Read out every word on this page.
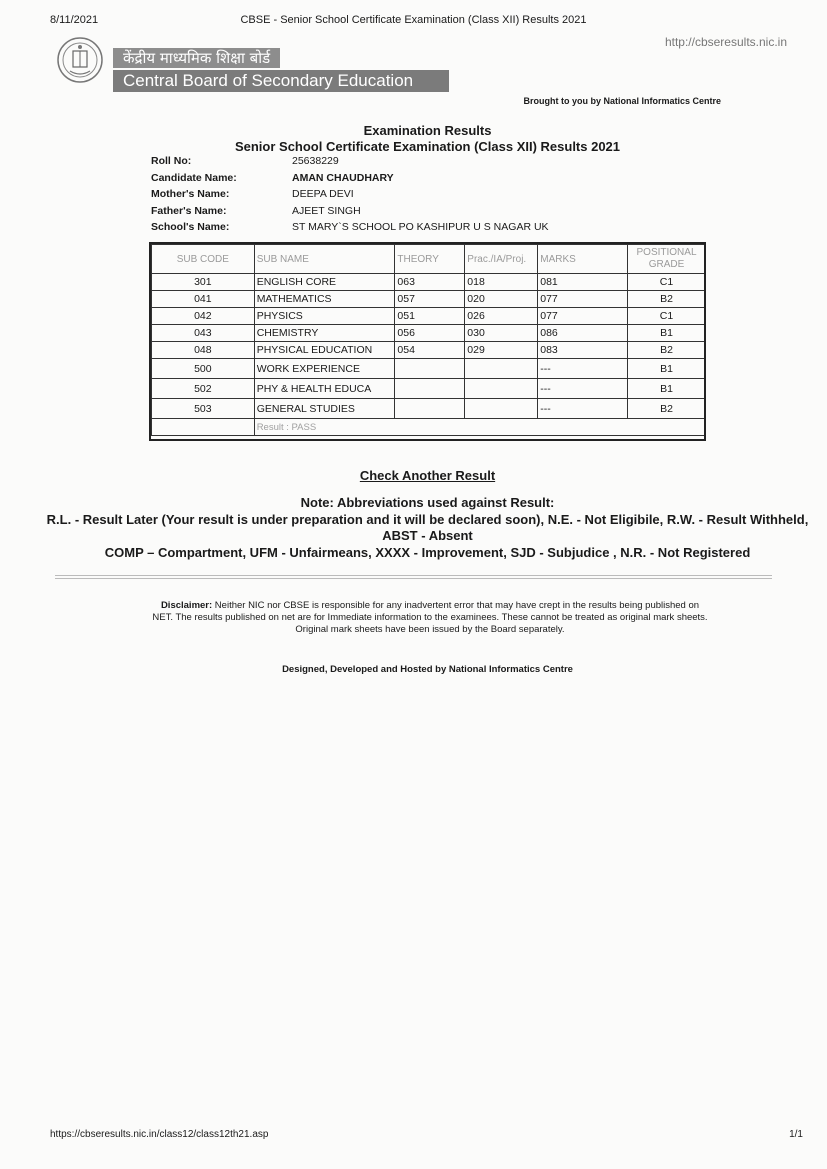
8/11/2021	CBSE - Senior School Certificate Examination (Class XII) Results 2021
http://cbseresults.nic.in
केंद्रीय माध्यमिक शिक्षा बोर्ड
Central Board of Secondary Education
Brought to you by National Informatics Centre
Examination Results
Senior School Certificate Examination (Class XII) Results 2021
Roll No:	25638229
Candidate Name:	AMAN CHAUDHARY
Mother's Name:	DEEPA DEVI
Father's Name:	AJEET SINGH
School's Name:	ST MARY`S SCHOOL PO KASHIPUR U S NAGAR UK
SUB CODE	SUB NAME	THEORY	Prac./IA/Proj.	MARKS	POSITIONAL
GRADE
301	ENGLISH CORE	063	018	081	C1
041	MATHEMATICS	057	020	077	B2
042	PHYSICS	051	026	077	C1
043	CHEMISTRY	056	030	086	B1
048	PHYSICAL EDUCATION	054	029	083	B2
500	WORK EXPERIENCE			---	B1
502	PHY & HEALTH EDUCA			---	B1
503	GENERAL STUDIES			---	B2
	Result : PASS				
Check Another Result
Note: Abbreviations used against Result:
R.L. - Result Later (Your result is under preparation and it will be declared soon), N.E. - Not Eligibile, R.W. - Result Withheld, ABST - Absent
COMP – Compartment, UFM - Unfairmeans, XXXX - Improvement, SJD - Subjudice , N.R. - Not Registered
Disclaimer: Neither NIC nor CBSE is responsible for any inadvertent error that may have crept in the results being published on NET. The results published on net are for Immediate information to the examinees. These cannot be treated as original mark sheets. Original mark sheets have been issued by the Board separately.
Designed, Developed and Hosted by National Informatics Centre
https://cbseresults.nic.in/class12/class12th21.asp	1/1
